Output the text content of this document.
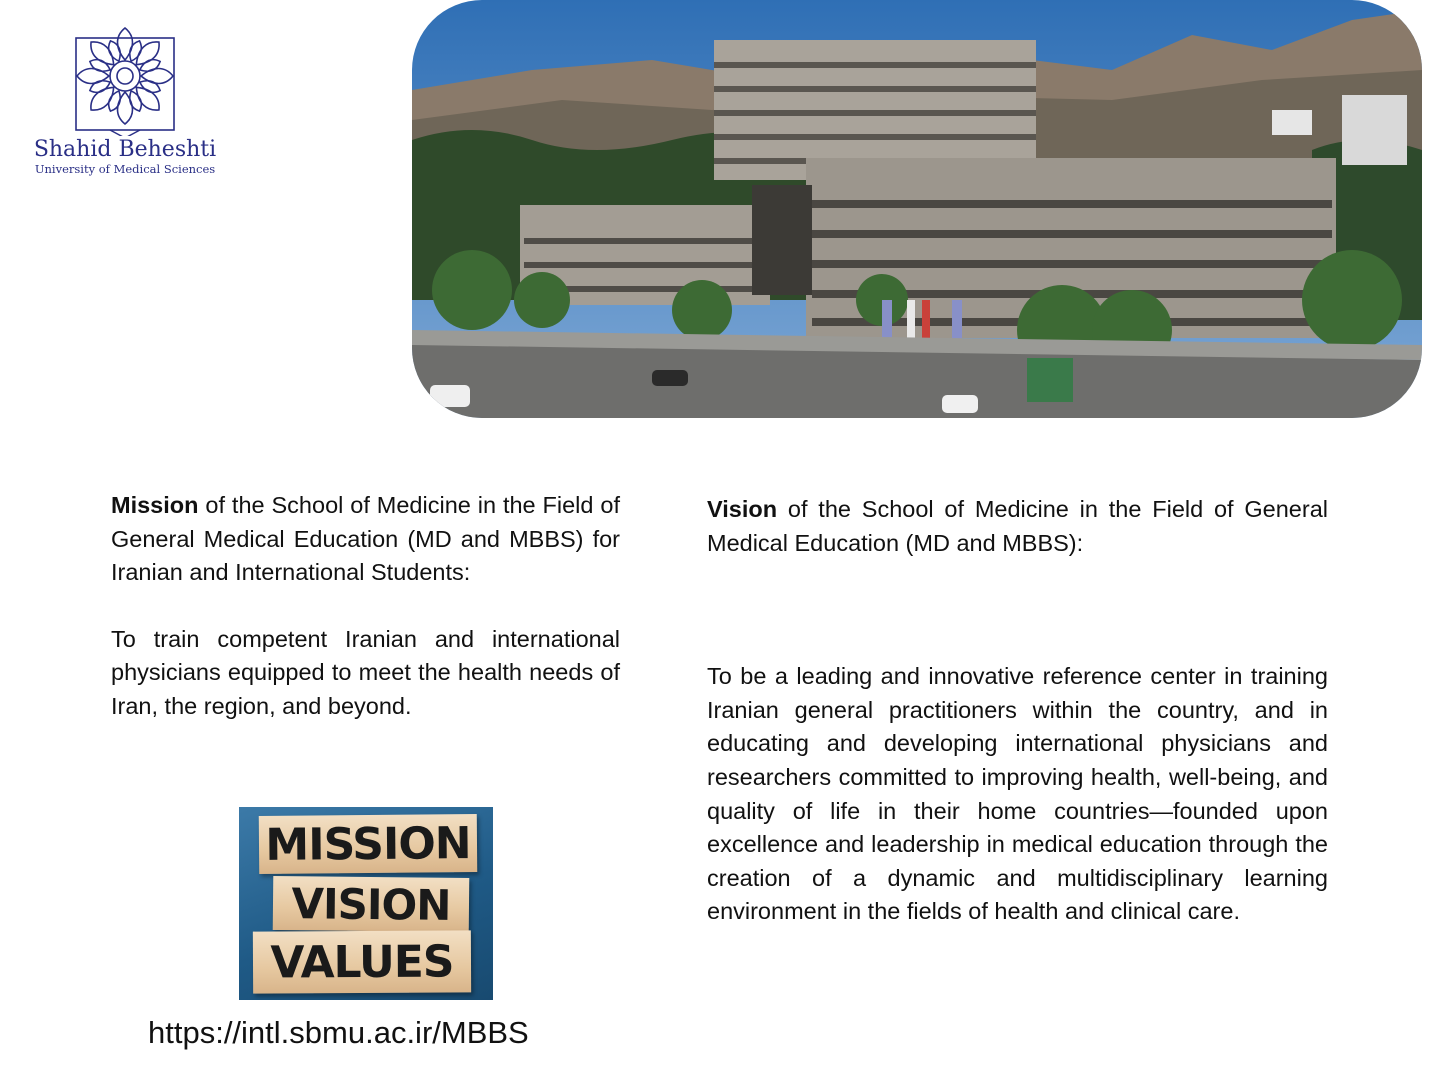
Shahid Beheshti
University of Medical Sciences

Mission of the School of Medicine in the Field of General Medical Education (MD and MBBS) for Iranian and International Students:

To train competent Iranian and international physicians equipped to meet the health needs of Iran, the region, and beyond.

Vision of the School of Medicine in the Field of General Medical Education (MD and MBBS):

To be a leading and innovative reference center in training Iranian general practitioners within the country, and in educating and developing international physicians and researchers committed to improving health, well-being, and quality of life in their home countries—founded upon excellence and leadership in medical education through the creation of a dynamic and multidisciplinary learning environment in the fields of health and clinical care.

MISSION
VISION
VALUES
https://intl.sbmu.ac.ir/MBBS
